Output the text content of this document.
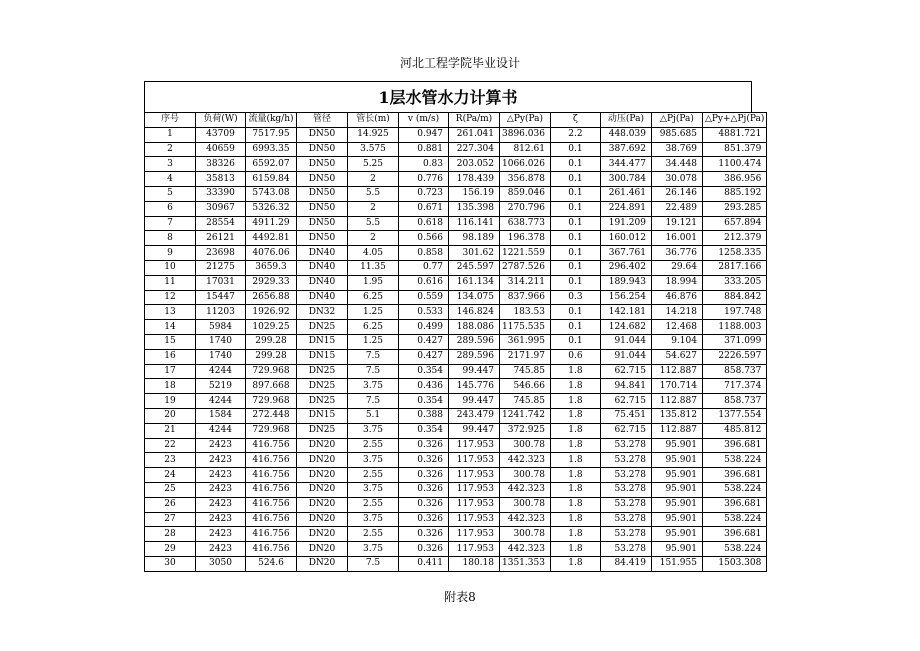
河北工程学院毕业设计
1层水管水力计算书
序号	负荷(W)	流量(kg/h)	管径	管长(m)	v (m/s)	R(Pa/m)	△Py(Pa)	ζ	动压(Pa)	△Pj(Pa)	△Py+△Pj(Pa)
1	43709	7517.95	DN50	14.925	0.947	261.041	3896.036	2.2	448.039	985.685	4881.721
2	40659	6993.35	DN50	3.575	0.881	227.304	812.61	0.1	387.692	38.769	851.379
3	38326	6592.07	DN50	5.25	0.83	203.052	1066.026	0.1	344.477	34.448	1100.474
4	35813	6159.84	DN50	2	0.776	178.439	356.878	0.1	300.784	30.078	386.956
5	33390	5743.08	DN50	5.5	0.723	156.19	859.046	0.1	261.461	26.146	885.192
6	30967	5326.32	DN50	2	0.671	135.398	270.796	0.1	224.891	22.489	293.285
7	28554	4911.29	DN50	5.5	0.618	116.141	638.773	0.1	191.209	19.121	657.894
8	26121	4492.81	DN50	2	0.566	98.189	196.378	0.1	160.012	16.001	212.379
9	23698	4076.06	DN40	4.05	0.858	301.62	1221.559	0.1	367.761	36.776	1258.335
10	21275	3659.3	DN40	11.35	0.77	245.597	2787.526	0.1	296.402	29.64	2817.166
11	17031	2929.33	DN40	1.95	0.616	161.134	314.211	0.1	189.943	18.994	333.205
12	15447	2656.88	DN40	6.25	0.559	134.075	837.966	0.3	156.254	46.876	884.842
13	11203	1926.92	DN32	1.25	0.533	146.824	183.53	0.1	142.181	14.218	197.748
14	5984	1029.25	DN25	6.25	0.499	188.086	1175.535	0.1	124.682	12.468	1188.003
15	1740	299.28	DN15	1.25	0.427	289.596	361.995	0.1	91.044	9.104	371.099
16	1740	299.28	DN15	7.5	0.427	289.596	2171.97	0.6	91.044	54.627	2226.597
17	4244	729.968	DN25	7.5	0.354	99.447	745.85	1.8	62.715	112.887	858.737
18	5219	897.668	DN25	3.75	0.436	145.776	546.66	1.8	94.841	170.714	717.374
19	4244	729.968	DN25	7.5	0.354	99.447	745.85	1.8	62.715	112.887	858.737
20	1584	272.448	DN15	5.1	0.388	243.479	1241.742	1.8	75.451	135.812	1377.554
21	4244	729.968	DN25	3.75	0.354	99.447	372.925	1.8	62.715	112.887	485.812
22	2423	416.756	DN20	2.55	0.326	117.953	300.78	1.8	53.278	95.901	396.681
23	2423	416.756	DN20	3.75	0.326	117.953	442.323	1.8	53.278	95.901	538.224
24	2423	416.756	DN20	2.55	0.326	117.953	300.78	1.8	53.278	95.901	396.681
25	2423	416.756	DN20	3.75	0.326	117.953	442.323	1.8	53.278	95.901	538.224
26	2423	416.756	DN20	2.55	0.326	117.953	300.78	1.8	53.278	95.901	396.681
27	2423	416.756	DN20	3.75	0.326	117.953	442.323	1.8	53.278	95.901	538.224
28	2423	416.756	DN20	2.55	0.326	117.953	300.78	1.8	53.278	95.901	396.681
29	2423	416.756	DN20	3.75	0.326	117.953	442.323	1.8	53.278	95.901	538.224
30	3050	524.6	DN20	7.5	0.411	180.18	1351.353	1.8	84.419	151.955	1503.308
附表8
